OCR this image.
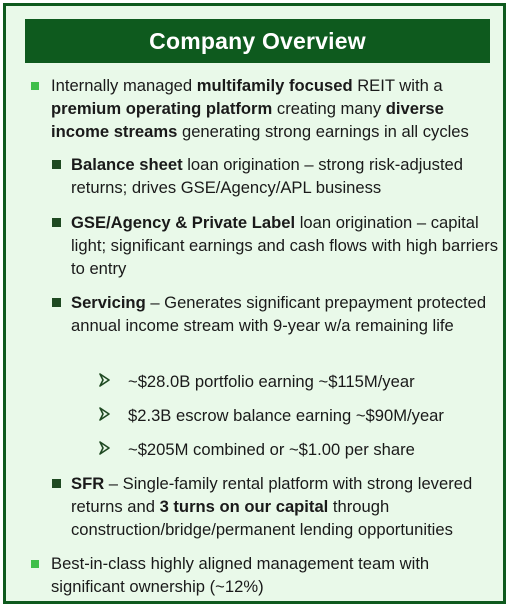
Company Overview
Internally managed multifamily focused REIT with a
premium operating platform creating many diverse
income streams generating strong earnings in all cycles
Balance sheet loan origination – strong risk-adjusted returns; drives GSE/Agency/APL business
GSE/Agency & Private Label loan origination – capital light; significant earnings and cash flows with high barriers to entry
Servicing – Generates significant prepayment protected annual income stream with 9-year w/a remaining life
~$28.0B portfolio earning ~$115M/year
$2.3B escrow balance earning ~$90M/year
~$205M combined or ~$1.00 per share
SFR – Single-family rental platform with strong levered returns and 3 turns on our capital through construction/bridge/permanent lending opportunities
Best-in-class highly aligned management team with significant ownership (~12%)
